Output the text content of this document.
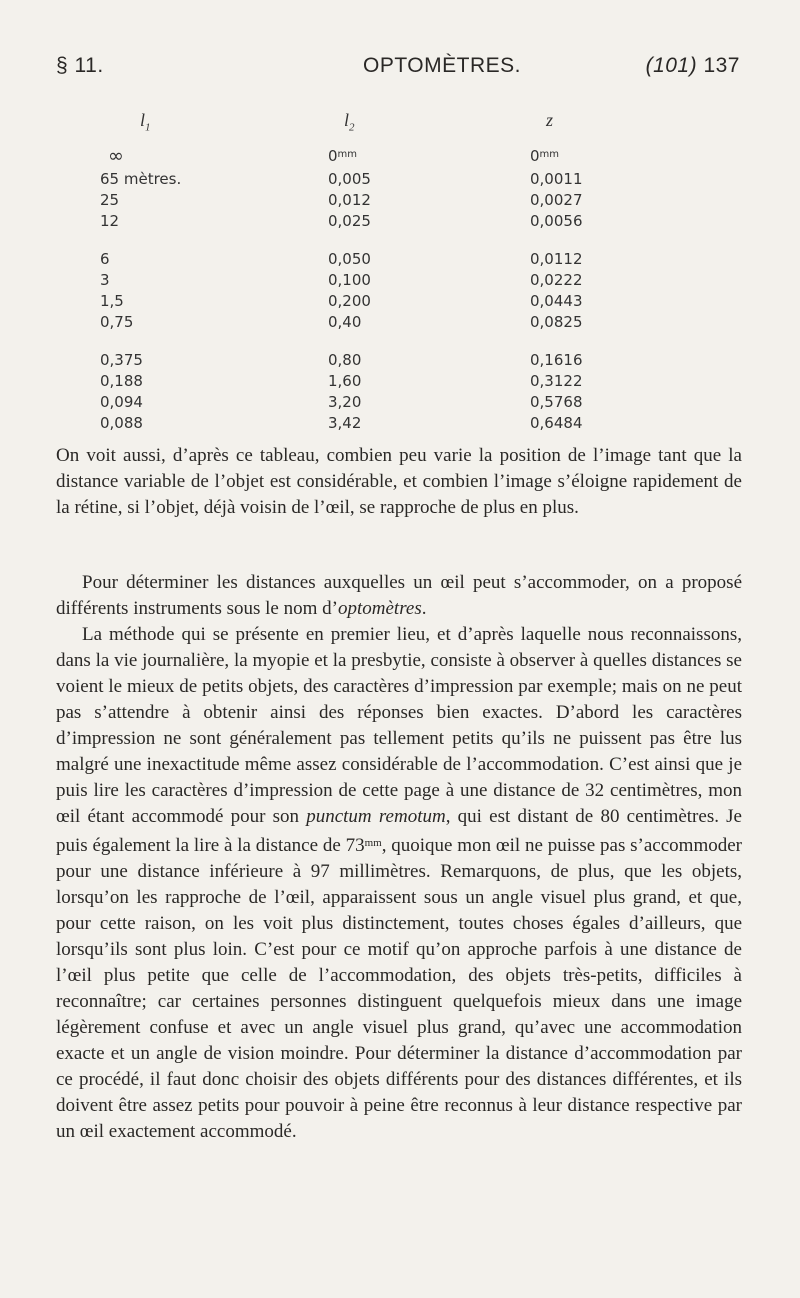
§ 11.	OPTOMÈTRES.	(101) 137
$l_1$	$l_2$	z
∞	$0^{mm}$	$0^{mm}$
65 mètres.	0,005	0,0011
25	0,012	0,0027
12	0,025	0,0056
6	0,050	0,0112
3	0,100	0,0222
1,5	0,200	0,0443
0,75	0,40	0,0825
0,375	0,80	0,1616
0,188	1,60	0,3122
0,094	3,20	0,5768
0,088	3,42	0,6484

On voit aussi, d’après ce tableau, combien peu varie la position de l’image tant que la distance variable de l’objet est considérable, et combien l’image s’éloigne rapidement de la rétine, si l’objet, déjà voisin de l’œil, se rapproche de plus en plus.

Pour déterminer les distances auxquelles un œil peut s’accommoder, on a proposé différents instruments sous le nom d’optomètres.

La méthode qui se présente en premier lieu, et d’après laquelle nous reconnaissons, dans la vie journalière, la myopie et la presbytie, consiste à observer à quelles distances se voient le mieux de petits objets, des caractères d’impression par exemple; mais on ne peut pas s’attendre à obtenir ainsi des réponses bien exactes. D’abord les caractères d’impression ne sont généralement pas tellement petits qu’ils ne puissent pas être lus malgré une inexactitude même assez considérable de l’accommodation. C’est ainsi que je puis lire les caractères d’impression de cette page à une distance de 32 centimètres, mon œil étant accommodé pour son punctum remotum, qui est distant de 80 centimètres. Je puis également la lire à la distance de $73^{mm}$, quoique mon œil ne puisse pas s’accommoder pour une distance inférieure à 97 millimètres. Remarquons, de plus, que les objets, lorsqu’on les rapproche de l’œil, apparaissent sous un angle visuel plus grand, et que, pour cette raison, on les voit plus distinctement, toutes choses égales d’ailleurs, que lorsqu’ils sont plus loin. C’est pour ce motif qu’on approche parfois à une distance de l’œil plus petite que celle de l’accommodation, des objets très-petits, difficiles à reconnaître; car certaines personnes distinguent quelquefois mieux dans une image légèrement confuse et avec un angle visuel plus grand, qu’avec une accommodation exacte et un angle de vision moindre. Pour déterminer la distance d’accommodation par ce procédé, il faut donc choisir des objets différents pour des distances différentes, et ils doivent être assez petits pour pouvoir à peine être reconnus à leur distance respective par un œil exactement accommodé.
